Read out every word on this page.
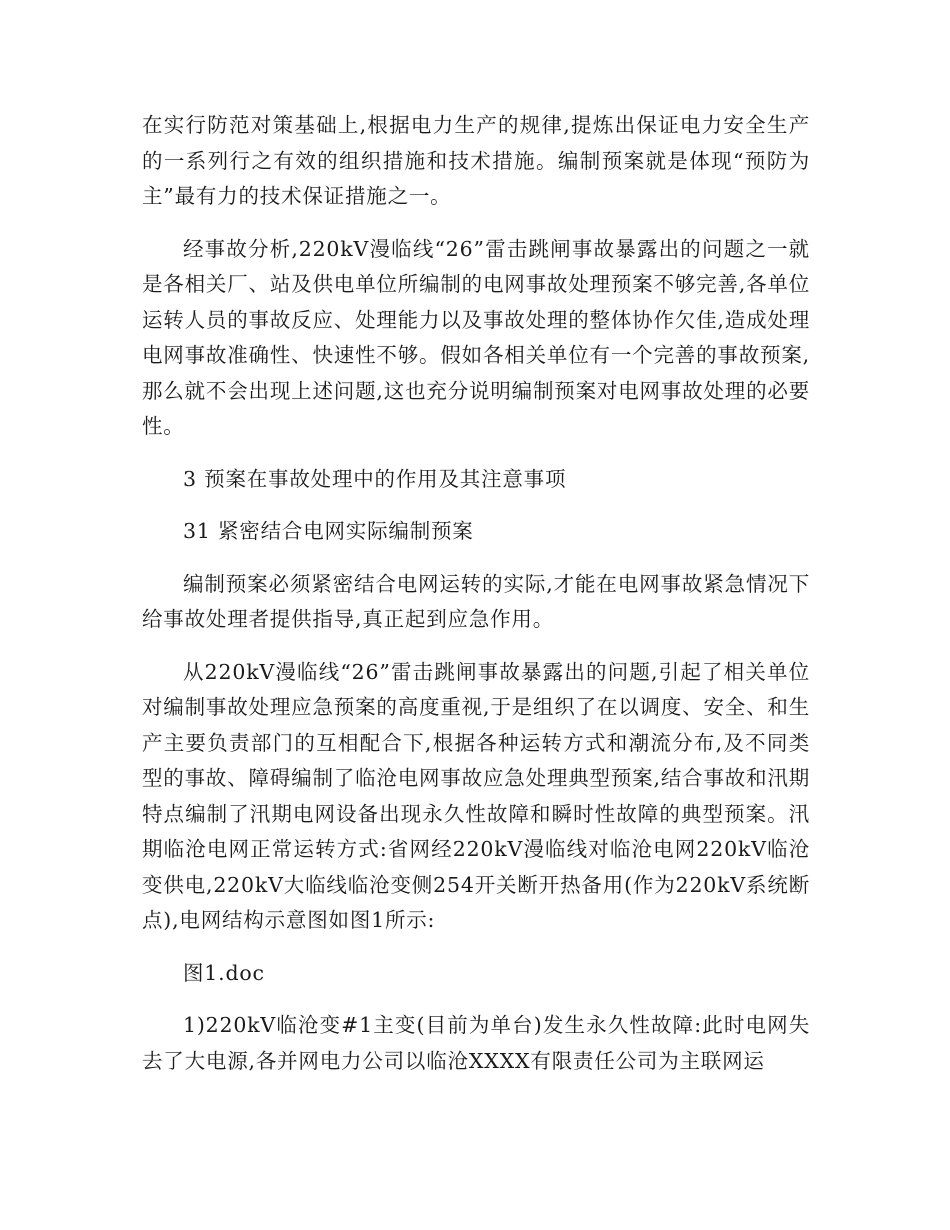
在实行防范对策基础上,根据电力生产的规律,提炼出保证电力安全生产的一系列行之有效的组织措施和技术措施。编制预案就是体现“预防为主”最有力的技术保证措施之一。

经事故分析,220kV漫临线“26”雷击跳闸事故暴露出的问题之一就是各相关厂、站及供电单位所编制的电网事故处理预案不够完善,各单位运转人员的事故反应、处理能力以及事故处理的整体协作欠佳,造成处理电网事故准确性、快速性不够。假如各相关单位有一个完善的事故预案,那么就不会出现上述问题,这也充分说明编制预案对电网事故处理的必要性。

3 预案在事故处理中的作用及其注意事项

31 紧密结合电网实际编制预案

编制预案必须紧密结合电网运转的实际,才能在电网事故紧急情况下给事故处理者提供指导,真正起到应急作用。

从220kV漫临线“26”雷击跳闸事故暴露出的问题,引起了相关单位对编制事故处理应急预案的高度重视,于是组织了在以调度、安全、和生产主要负责部门的互相配合下,根据各种运转方式和潮流分布,及不同类型的事故、障碍编制了临沧电网事故应急处理典型预案,结合事故和汛期特点编制了汛期电网设备出现永久性故障和瞬时性故障的典型预案。汛期临沧电网正常运转方式:省网经220kV漫临线对临沧电网220kV临沧变供电,220kV大临线临沧变侧254开关断开热备用(作为220kV系统断点),电网结构示意图如图1所示:

图1.doc

1)220kV临沧变#1主变(目前为单台)发生永久性故障:此时电网失去了大电源,各并网电力公司以临沧XXXX有限责任公司为主联网运
